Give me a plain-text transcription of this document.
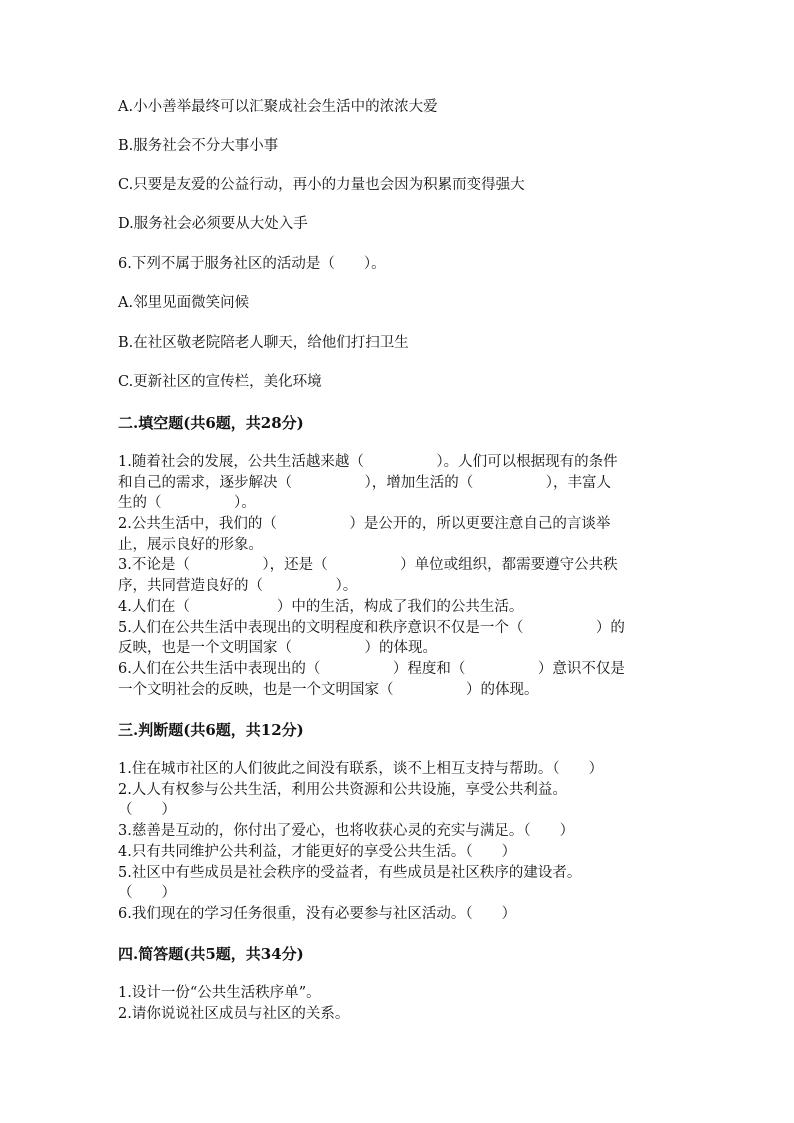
A.小小善举最终可以汇聚成社会生活中的浓浓大爱
B.服务社会不分大事小事
C.只要是友爱的公益行动，再小的力量也会因为积累而变得强大
D.服务社会必须要从大处入手
6.下列不属于服务社区的活动是（　　）。
A.邻里见面微笑问候
B.在社区敬老院陪老人聊天，给他们打扫卫生
C.更新社区的宣传栏，美化环境
二.填空题(共6题，共28分)
1.随着社会的发展，公共生活越来越（　　　　　）。人们可以根据现有的条件
和自己的需求，逐步解决（　　　　　），增加生活的（　　　　　），丰富人
生的（　　　　　）。
2.公共生活中，我们的（　　　　　）是公开的，所以更要注意自己的言谈举
止，展示良好的形象。
3.不论是（　　　　　），还是（　　　　　）单位或组织，都需要遵守公共秩
序，共同营造良好的（　　　　　）。
4.人们在（　　　　　　）中的生活，构成了我们的公共生活。
5.人们在公共生活中表现出的文明程度和秩序意识不仅是一个（　　　　　）的
反映，也是一个文明国家（　　　　　）的体现。
6.人们在公共生活中表现出的（　　　　　）程度和（　　　　　）意识不仅是
一个文明社会的反映，也是一个文明国家（　　　　　）的体现。
三.判断题(共6题，共12分)
1.住在城市社区的人们彼此之间没有联系，谈不上相互支持与帮助。（　　）
2.人人有权参与公共生活，利用公共资源和公共设施，享受公共利益。
（　　）
3.慈善是互动的，你付出了爱心，也将收获心灵的充实与满足。（　　）
4.只有共同维护公共利益，才能更好的享受公共生活。（　　）
5.社区中有些成员是社会秩序的受益者，有些成员是社区秩序的建设者。
（　　）
6.我们现在的学习任务很重，没有必要参与社区活动。（　　）
四.简答题(共5题，共34分)
1.设计一份“公共生活秩序单”。
2.请你说说社区成员与社区的关系。
